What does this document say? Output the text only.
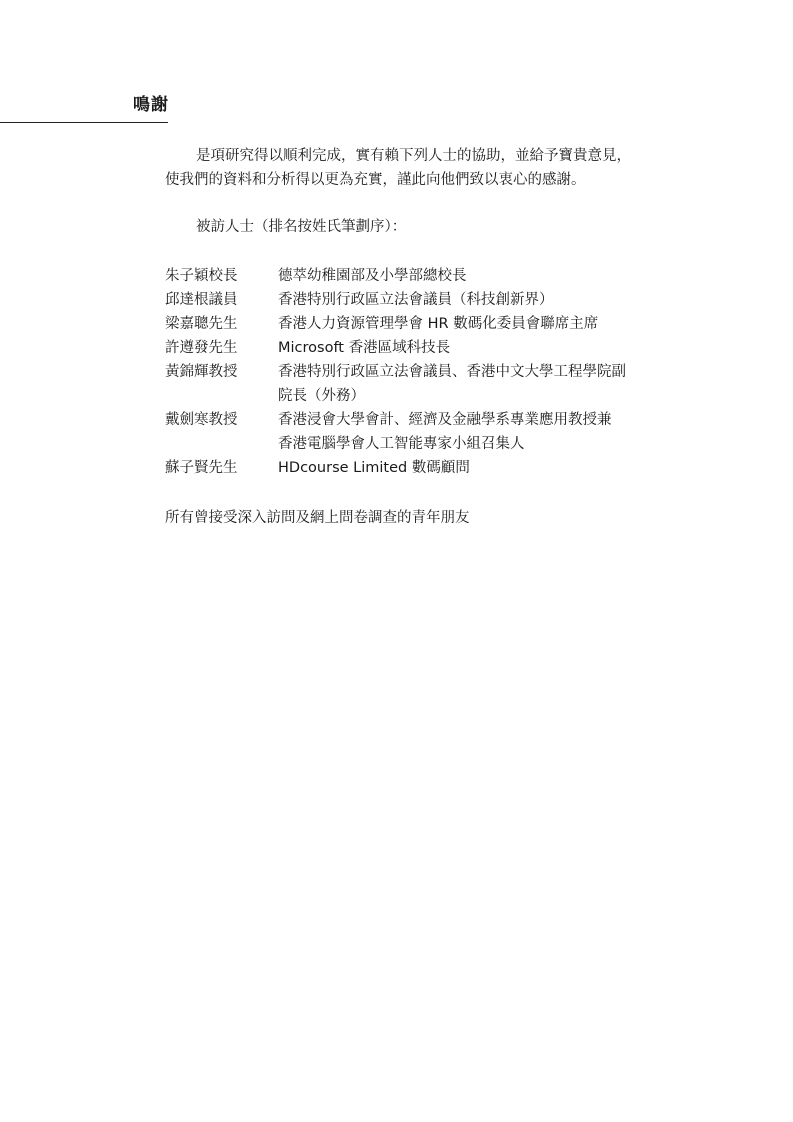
鳴謝

是項研究得以順利完成，實有賴下列人士的協助，並給予寶貴意見，
使我們的資料和分析得以更為充實，謹此向他們致以衷心的感謝。

被訪人士（排名按姓氏筆劃序）：

朱子穎校長	德萃幼稚園部及小學部總校長
邱達根議員	香港特別行政區立法會議員（科技創新界）
梁嘉聰先生	香港人力資源管理學會 HR 數碼化委員會聯席主席
許遵發先生	Microsoft 香港區域科技長
黃錦輝教授	香港特別行政區立法會議員、香港中文大學工程學院副
院長（外務）
戴劍寒教授	香港浸會大學會計、經濟及金融學系專業應用教授兼
香港電腦學會人工智能專家小組召集人
蘇子賢先生	HDcourse Limited 數碼顧問

所有曾接受深入訪問及網上問卷調查的青年朋友
